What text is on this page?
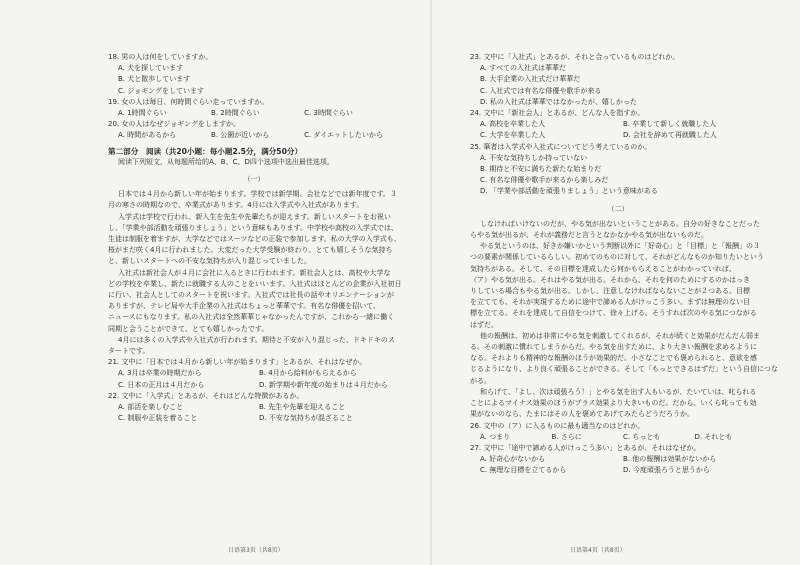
18. 男の人は何をしていますか。

A. 犬を探しています

B. 犬と散歩しています

C. ジョギングをしています

19. 女の人は毎日、何時間ぐらい走っていますか。

A. 1時間ぐらい	B. 2時間ぐらい	C. 3時間ぐらい

20. 女の人はなぜジョギングをしますか。

A. 時間があるから	B. 公園が近いから	C. ダイエットしたいから
第二部分　阅读（共20小题：每小题2.5分，满分50分）
阅读下列短文，从每题所给的A、B、C、D四个选项中选出最佳选项。
（一）

日本では４月から新しい年が始まります。学校では新学期、会社などでは新年度です。３

月の寒さの時期なので、卒業式があります。4月には入学式や入社式があります。

入学式は学校で行われ、新入生を先生や先輩たちが迎えます。新しいスタートをお祝い

し、「学業や部活動を頑張りましょう」という意味もあります。中学校や高校の入学式では、

生徒は制服を着ますが、大学などではスーツなどの正装で参加します。私の大学の入学式も、

桜がまだ咲く4月に行われました。大変だった大学受験が終わり、とても嬉しそうな気持ち

と、新しいスタートへの不安な気持ちが入り混じっていました。

入社式は新社会人が４月に会社に入るときに行われます。新社会人とは、高校や大学な

どの学校を卒業し、新たに就職する人のことをいいます。入社式はほとんどの企業が入社初日

に行い、社会人としてのスタートを祝います。入社式では社長の話やオリエンテーションが

ありますが、テレビ局や大手企業の入社式はちょっと華華です。有名な俳優を招いて、

ニュースにもなります。私の入社式は全然華華じゃなかったんですが、これから一緒に働く

同期と会うことができて、とても嬉しかったです。

4月には多くの入学式や入社式が行われます。期待と不安が入り混じった、ドキドキのス

タートです。

21. 文中に「日本では４月から新しい年が始まります」とあるが、それはなぜか。

A. 3月は卒業の時期だから	B. 4月から給料がもらえるから
C. 日本の正月は４月だから	D. 新学期や新年度の始まりは４月だから

22. 文中に「入学式」とあるが、それはどんな特徴があるか。

A. 部活を楽しむこと	B. 先生や先輩を迎えること
C. 制服や正装を着ること	D. 不安な気持ちが混ざること
日语第3页（共8页）

23. 文中に「入社式」とあるが、それと合っているものはどれか。

A. すべての入社式は華華だ

B. 大手企業の入社式だけ華華だ

C. 入社式では有名な俳優や歌手が来る

D. 私の入社式は華華ではなかったが、嬉しかった

24. 文中に「新社会人」とあるが、どんな人を指すか。

A. 高校を卒業した人	B. 卒業して新しく就職した人
C. 大学を卒業した人	D. 会社を辞めて再就職した人

25. 筆者は入学式や入社式についてどう考えているのか。

A. 不安な気持ちしか持っていない

B. 期待と不安に満ちた新たな始まりだ

C. 有名な俳優や歌手が来るから楽しみだ

D. 「学業や部活動を頑張りましょう」という意味がある

（二）

しなければいけないのだが、やる気が出ないということがある。自分の好きなことだった

らやる気が出るが、それが義務だと言うとなかなかやる気が出ないものだ。

やる気というのは、好きか嫌いかという判断以外に「好奇心」と「目標」と「報酬」の３

つの要素が関係しているらしい。初めてのものに対して、それがどんなものか知りたいという

気持ちがある。そして、その目標を達成したら何かもらえることがわかっていれば、

（ア）やる気が出る。それはやる気が出る。それから、それを何のためにするのかはっき

りしている場合もやる気が出る。しかし、注意しなければならないことが２つある。目標

を立てても、それが実現するために途中で諦める人がけっこう多い。まずは無理のない目

標を立てる。それを達成して自信をつけて、徐々上げる。そうすれば次のやる気につながる

はずだ。

他の報酬は、初めは非常にやる気を刺激してくれるが、それが続くと効果がだんだん弱ま

る。その刺激に慣れてしまうからだ。やる気を出すために、より大きい報酬を求めるように

なる。それよりも精神的な報酬のほうが効果的だ。小さなことでも褒められると、意欲を感

じるようになり、より良く頑張ることができる。そして「もっとできるはずだ」という自信につな

がる。

和らげて、「よし、次は頑張ろう！」とやる気を出す人もいるが、たいていは、叱られる

ことによるマイナス効果のほうがプラス効果より大きいものだ。だから、いくら叱っても効

果がないのなら、たまにはその人を褒めてあげてみたらどうだろうか。

26. 文中の（ア）に入るものに最も適当なのはどれか。

A. つまり	B. さらに	C. ちっとも	D. それとも

27. 文中に「途中で諦める人がけっこう多い」とあるが、それはなぜか。

A. 好奇心がないから	B. 他の報酬は効果がないから
C. 無理な目標を立てるから	D. 今度頑張ろうと思うから
日语第4页（共8页）
